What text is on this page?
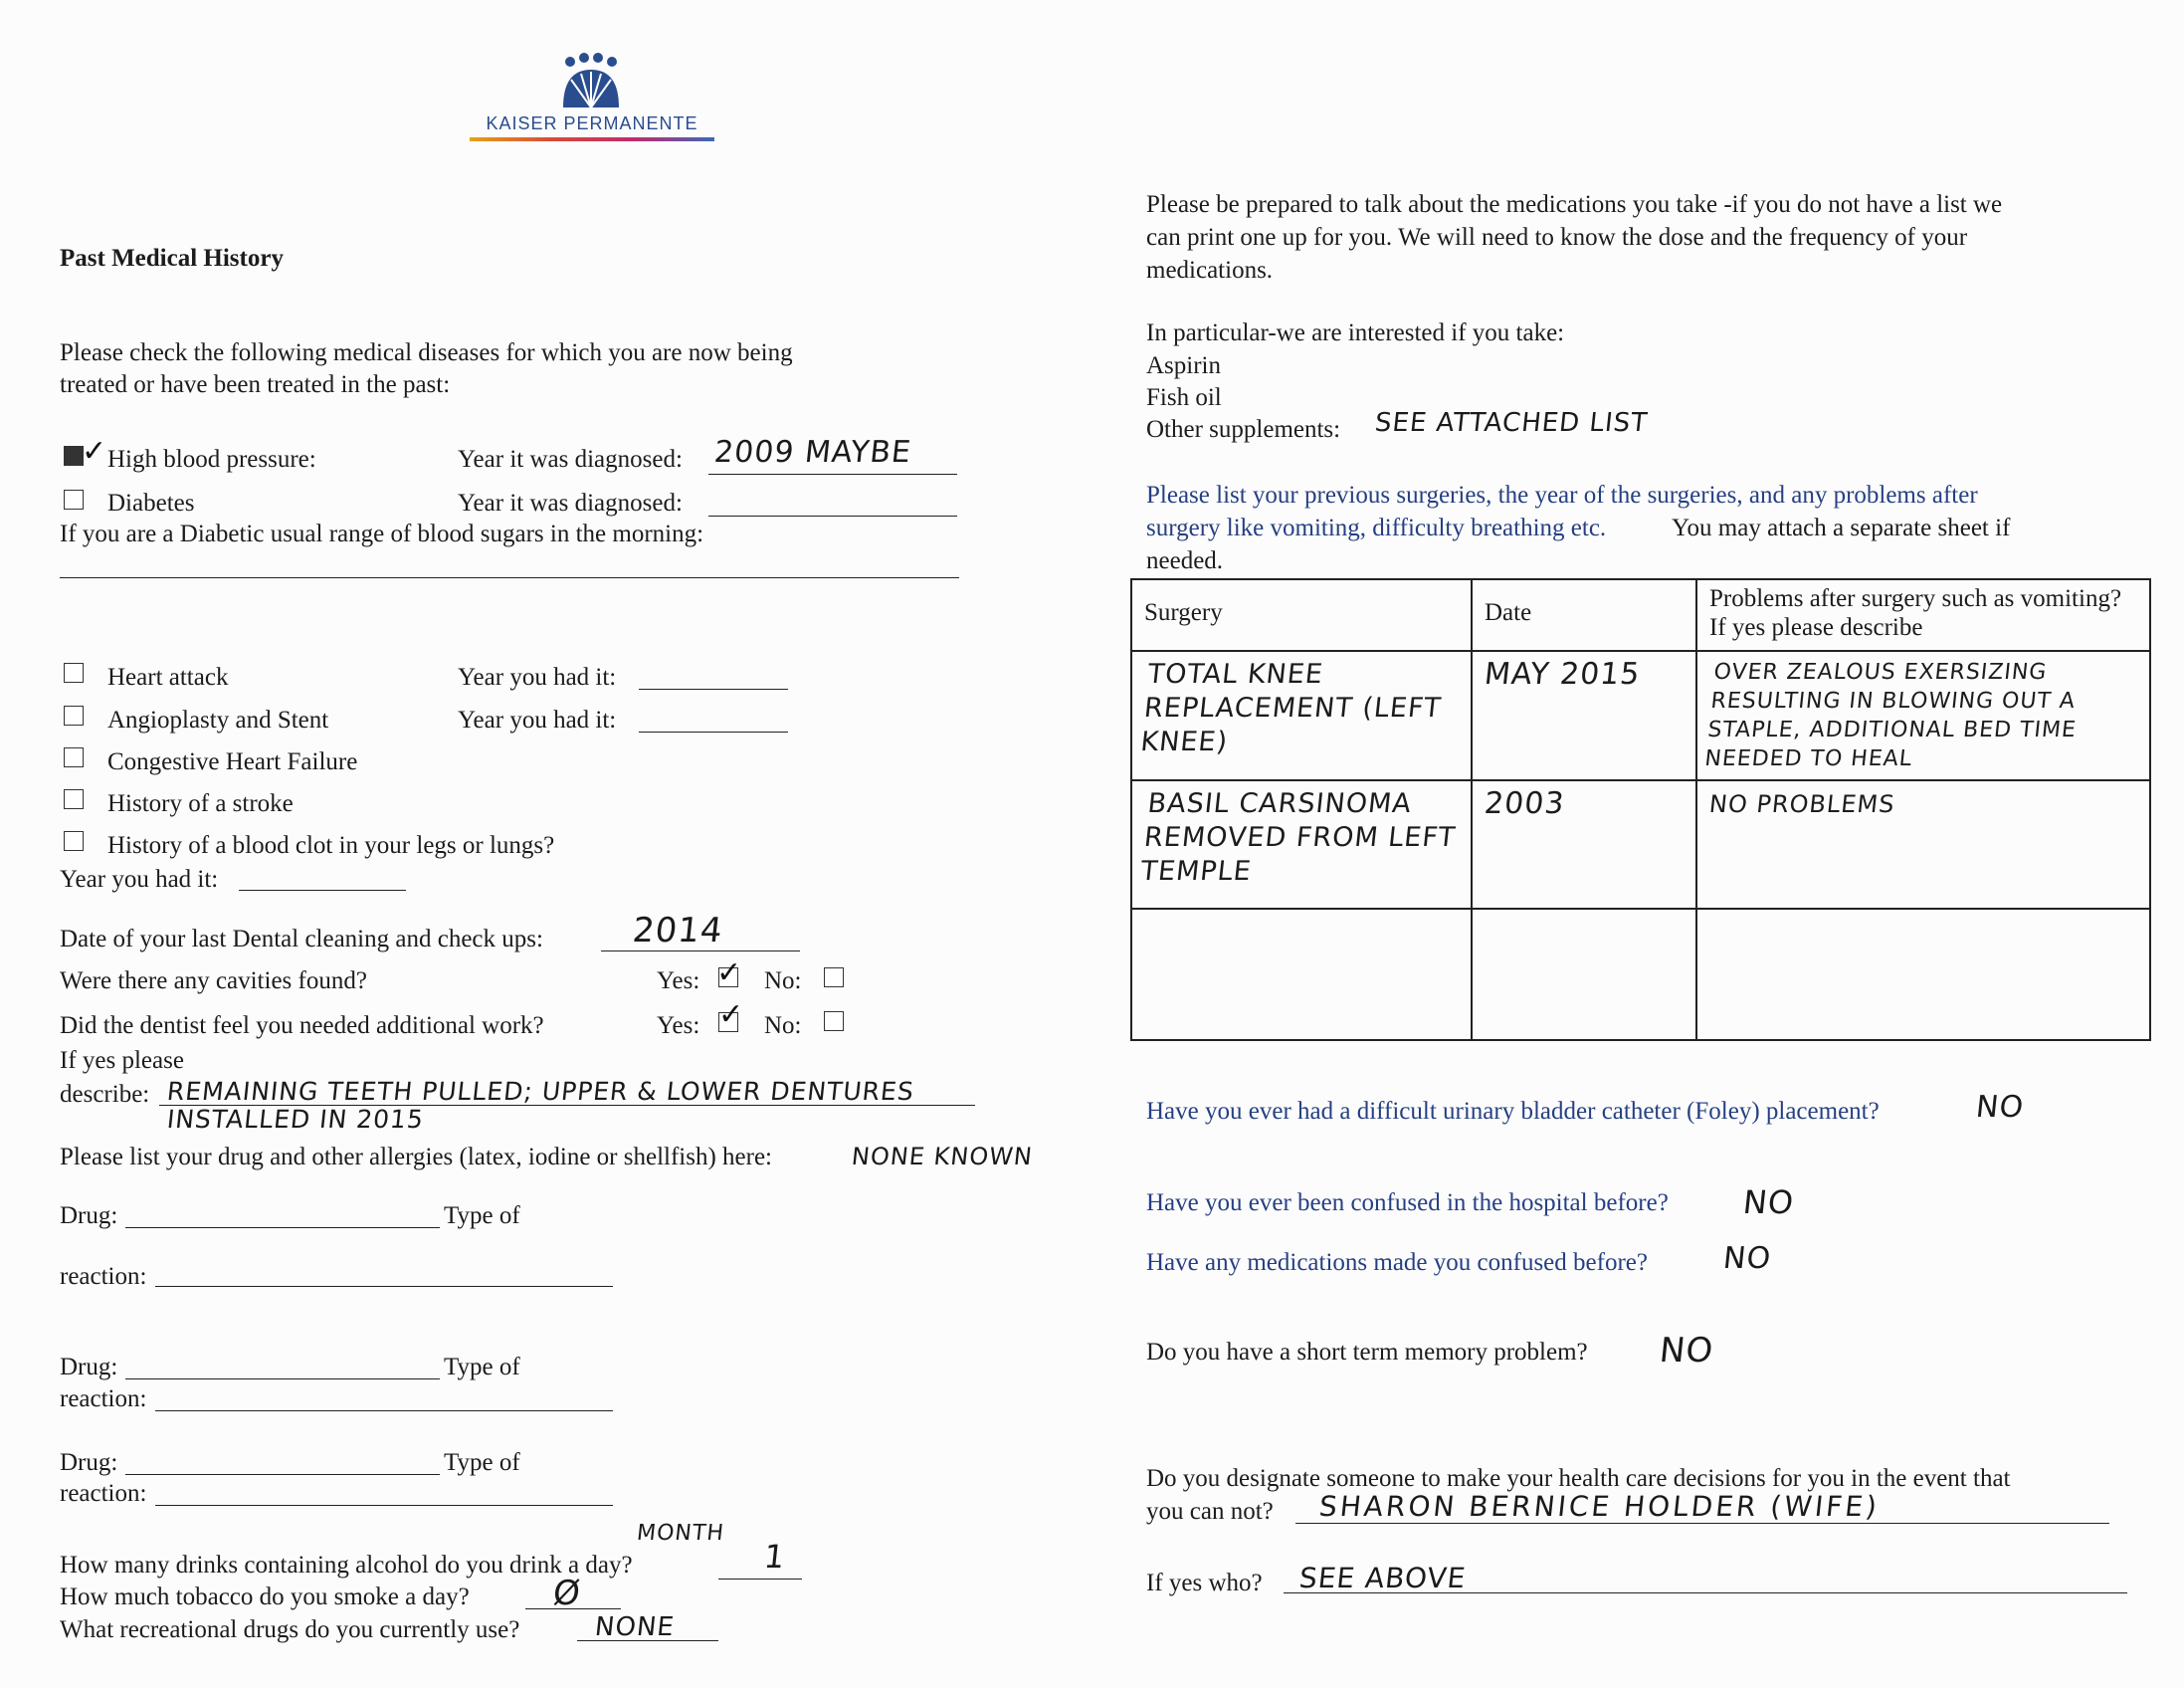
KAISER PERMANENTE
Past Medical History
Please check the following medical diseases for which you are now being
treated or have been treated in the past:
✓ High blood pressure:	Year it was diagnosed: 2009 MAYBE
Diabetes	Year it was diagnosed:
If you are a Diabetic usual range of blood sugars in the morning:
Heart attack	Year you had it:
Angioplasty and Stent	Year you had it:
Congestive Heart Failure
History of a stroke
History of a blood clot in your legs or lungs?
Year you had it:
Date of your last Dental cleaning and check ups:	2014
Were there any cavities found?	Yes: ✓ No:
Did the dentist feel you needed additional work?	Yes: ✓ No:
If yes please
describe: REMAINING TEETH PULLED; UPPER & LOWER DENTURES
INSTALLED IN 2015
Please list your drug and other allergies (latex, iodine or shellfish) here:	NONE KNOWN
Drug:	Type of
reaction:
Drug:	Type of
reaction:
Drug:	Type of
reaction:
MONTH
How many drinks containing alcohol do you drink a day?	1
How much tobacco do you smoke a day? Ø
What recreational drugs do you currently use?	NONE
Please be prepared to talk about the medications you take -if you do not have a list we
can print one up for you. We will need to know the dose and the frequency of your
medications.
In particular-we are interested if you take:
Aspirin
Fish oil
Other supplements: SEE ATTACHED LIST
Please list your previous surgeries, the year of the surgeries, and any problems after
surgery like vomiting, difficulty breathing etc.	You may attach a separate sheet if
needed.
Surgery	Date	Problems after surgery such as vomiting? If yes please describe

TOTAL KNEE REPLACEMENT (LEFT KNEE)	MAY 2015	OVER ZEALOUS EXERSIZING RESULTING IN BLOWING OUT A STAPLE, ADDITIONAL BED TIME NEEDED TO HEAL

BASIL CARSINOMA REMOVED FROM LEFT TEMPLE	2003	NO PROBLEMS

Have you ever had a difficult urinary bladder catheter (Foley) placement?	NO
Have you ever been confused in the hospital before? NO
Have any medications made you confused before? NO
Do you have a short term memory problem? NO
Do you designate someone to make your health care decisions for you in the event that
you can not? SHARON BERNICE HOLDER (WIFE)
If yes who? SEE ABOVE
